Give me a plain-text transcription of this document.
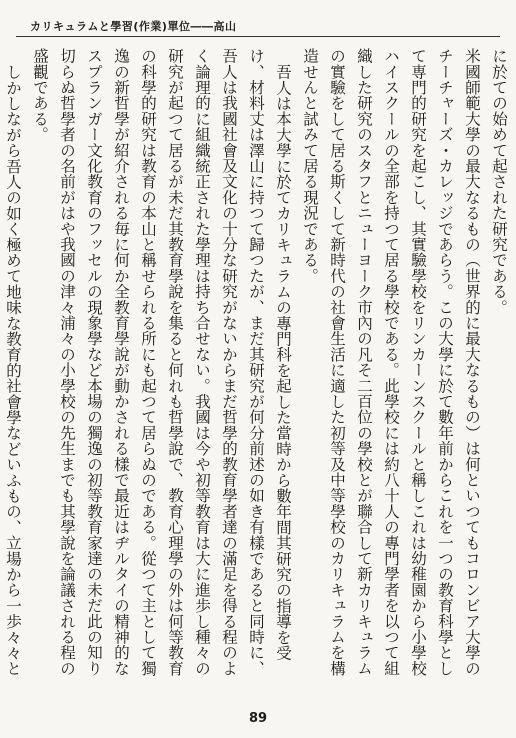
カリキュラムと學習(作業)單位――高山

に於ての始めて起された研究である。

米國師範大學の最大なるもの（世界的に最大なるもの）は何といつてもコロンビア大學のチーチャーズ・カレッジであらう。この大學に於て數年前からこれを一つの教育科學として専門的研究を起こし、其實驗學校をリンカーンスクールと稱しこれは幼稚園から小學校ハイスクールの全部を持つて居る學校である。此學校には約八十人の專門學者を以つて組織した研究のスタフとニューヨーク市內の凡そ二百位の學校とが聯合して新カリキュラムの實驗をして居る斯くして新時代の社會生活に適した初等及中等學校のカリキュラムを構造せんと試みて居る現況である。

吾人は本大學に於てカリキュラムの專門科を起した當時から數年間其研究の指導を受け、材料丈は澤山に持つて歸つたが、まだ其研究が何分前述の如き有樣であると同時に、吾人は我國社會及文化の十分な研究がないからまだ哲學的教育學者達の滿足を得る程のよく論理的に組織統正された學理は持ち合せない。我國は今や初等教育は大に進歩し種々の研究が起つて居るが未だ其教育學說を集ると何れも哲學說で、教育心理學の外は何等教育の科學的研究は教育の本山と稱せられる所にも起つて居らぬのである。從つて主として獨逸の新哲學が紹介される毎に何か全教育學說が動かされる樣で最近はヂルタイの精神的なスプランガー文化教育のフッセルの現象學など本場の獨逸の初等教育家達の未だ此の知り切らぬ哲學者の名前がはや我國の津々浦々の小學校の先生までも其學說を論議される程の盛觀である。

しかしながら吾人の如く極めて地味な教育的社會學などいふもの、立場から一歩々々と

89
